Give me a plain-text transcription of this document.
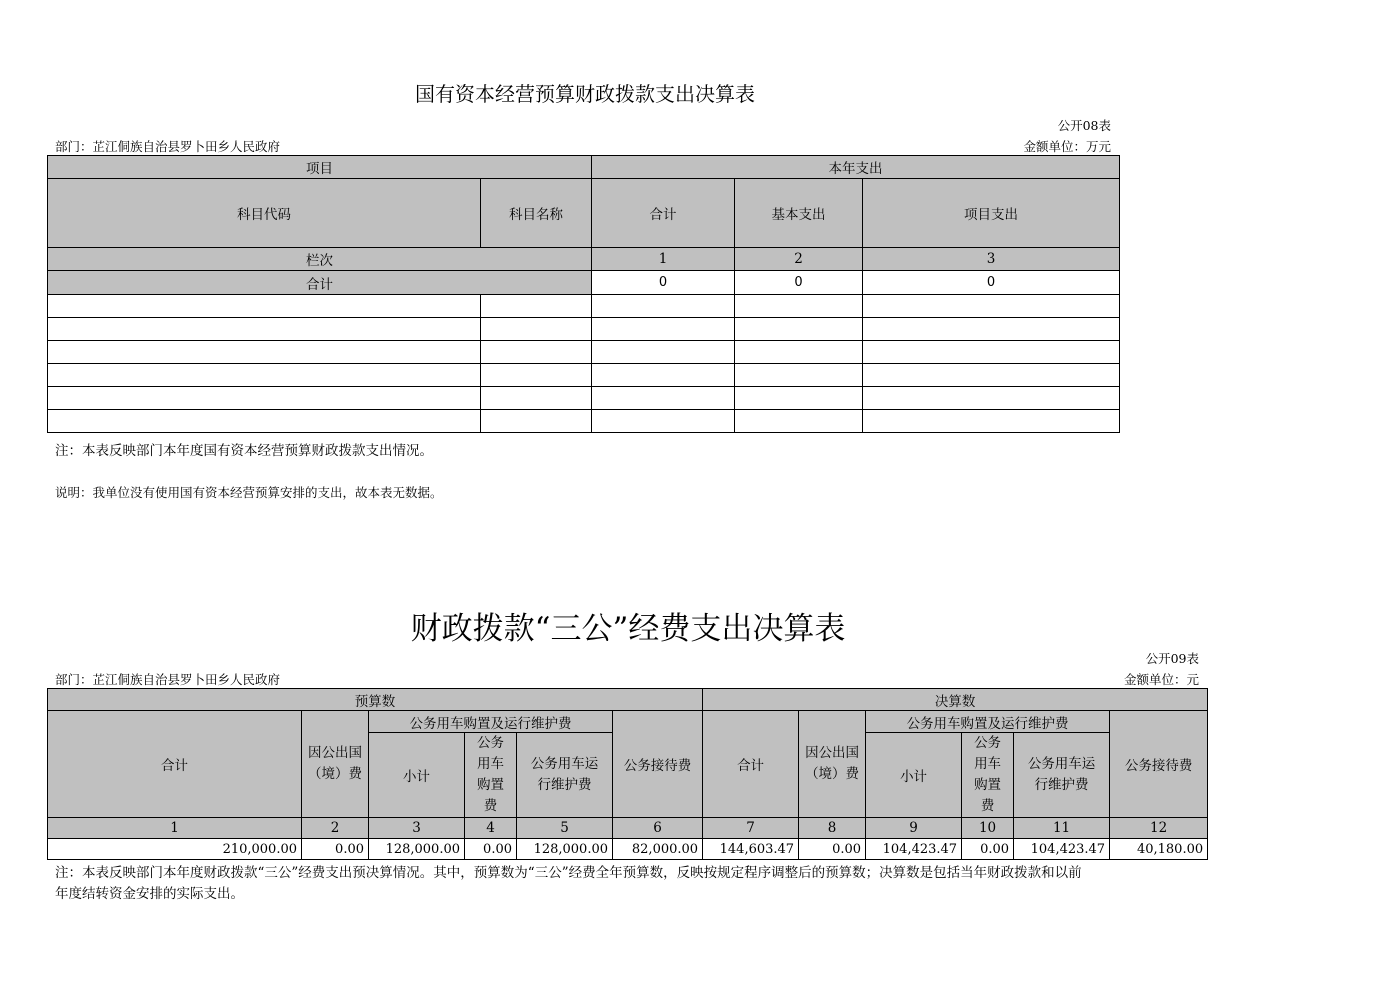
国有资本经营预算财政拨款支出决算表
公开08表
部门：芷江侗族自治县罗卜田乡人民政府	金额单位：万元
项目		本年支出		
科目代码	科目名称	合计	基本支出	项目支出
栏次		1	2	3
合计		0	0	0

注：本表反映部门本年度国有资本经营预算财政拨款支出情况。
说明：我单位没有使用国有资本经营预算安排的支出，故本表无数据。
财政拨款“三公”经费支出决算表
公开09表
部门：芷江侗族自治县罗卜田乡人民政府	金额单位：元
预算数						决算数					
合计	因公出国（境）费	公务用车购置及运行维护费			公务接待费	合计	因公出国（境）费	公务用车购置及运行维护费			公务接待费
		小计	公务用车购置费	公务用车运行维护费				小计	公务用车购置费	公务用车运行维护费	
1	2	3	4	5	6	7	8	9	10	11	12
210,000.00	0.00	128,000.00	0.00	128,000.00	82,000.00	144,603.47	0.00	104,423.47	0.00	104,423.47	40,180.00
注：本表反映部门本年度财政拨款“三公”经费支出预决算情况。其中，预算数为“三公”经费全年预算数，反映按规定程序调整后的预算数；决算数是包括当年财政拨款和以前
年度结转资金安排的实际支出。
